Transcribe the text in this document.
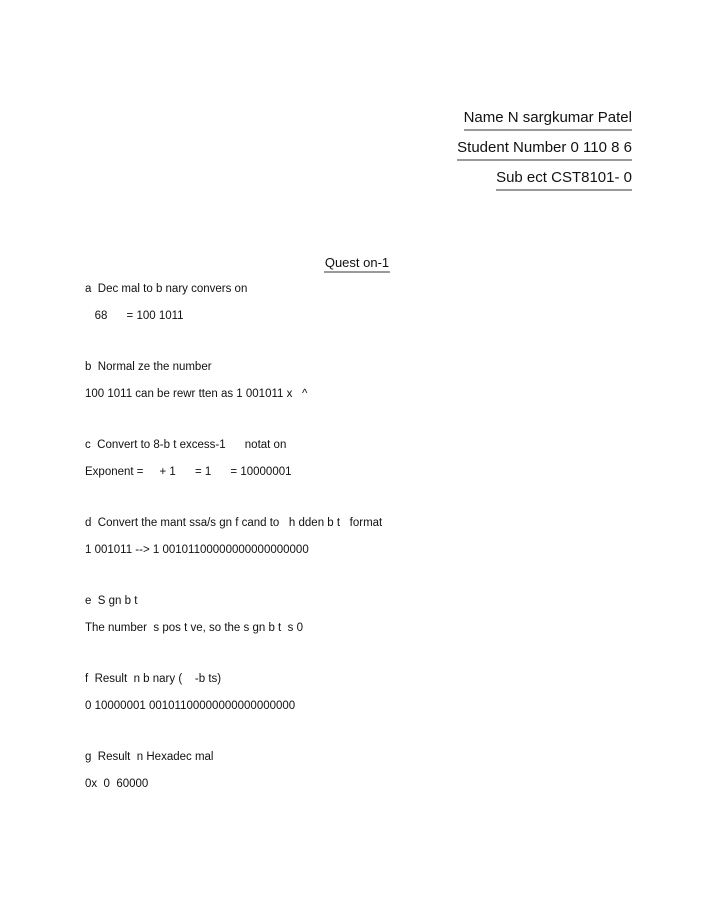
Name N sargkumar Patel
Student Number 0 110 8 6
Sub ect CST8101- 0
Quest on-1
a  Dec mal to b nary convers on
68      = 100 1011
b  Normal ze the number
100 1011 can be rewr tten as 1 001011 x   ^
c  Convert to 8-b t excess-1      notat on
Exponent =     + 1      = 1      = 10000001
d  Convert the mant ssa/s gn f cand to   h dden b t   format
1 001011 --> 1 00101100000000000000000
e  S gn b t
The number  s pos t ve, so the s gn b t  s 0
f  Result  n b nary (    -b ts)
0 10000001 00101100000000000000000
g  Result  n Hexadec mal
0x  0  60000
